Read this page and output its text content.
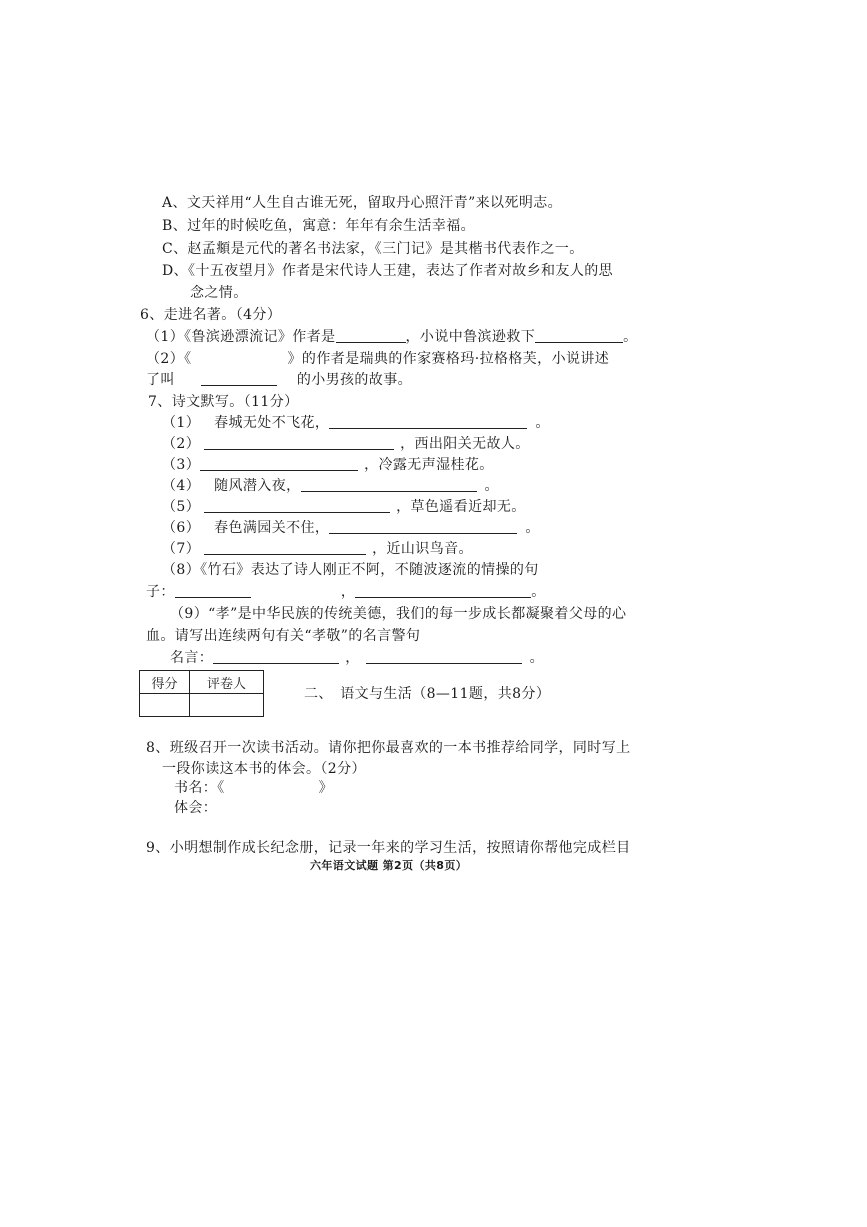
A、文天祥用“人生自古谁无死，留取丹心照汗青”来以死明志。
B、过年的时候吃鱼，寓意：年年有余生活幸福。
C、赵孟頫是元代的著名书法家，《三门记》是其楷书代表作之一。
D、《十五夜望月》作者是宋代诗人王建，表达了作者对故乡和友人的思
念之情。
6、走进名著。（4分）
（1）《鲁滨逊漂流记》作者是	，小说中鲁滨逊救下	。
（2）《	》的作者是瑞典的作家赛格玛·拉格格芙，小说讲述
了叫	的小男孩的故事。
7、诗文默写。（11分）
（1） 春城无处不飞花，	。
（2）	，西出阳关无故人。
（3）	，冷露无声湿桂花。
（4） 随风潜入夜，	。
（5）	，草色遥看近却无。
（6） 春色满园关不住，	。
（7）	，近山识鸟音。
（8）《竹石》表达了诗人刚正不阿，不随波逐流的情操的句
子：	，	。
（9）“孝”是中华民族的传统美德，我们的每一步成长都凝聚着父母的心
血。请写出连续两句有关“孝敬”的名言警句
名言：	，	。
得分	评卷人

二、　语文与生活（8—11题，共8分）
8、班级召开一次读书活动。请你把你最喜欢的一本书推荐给同学，同时写上
一段你读这本书的体会。（2分）
书名：《	》
体会：
9、小明想制作成长纪念册，记录一年来的学习生活，按照请你帮他完成栏目
六年语文试题 第2页（共8页）
